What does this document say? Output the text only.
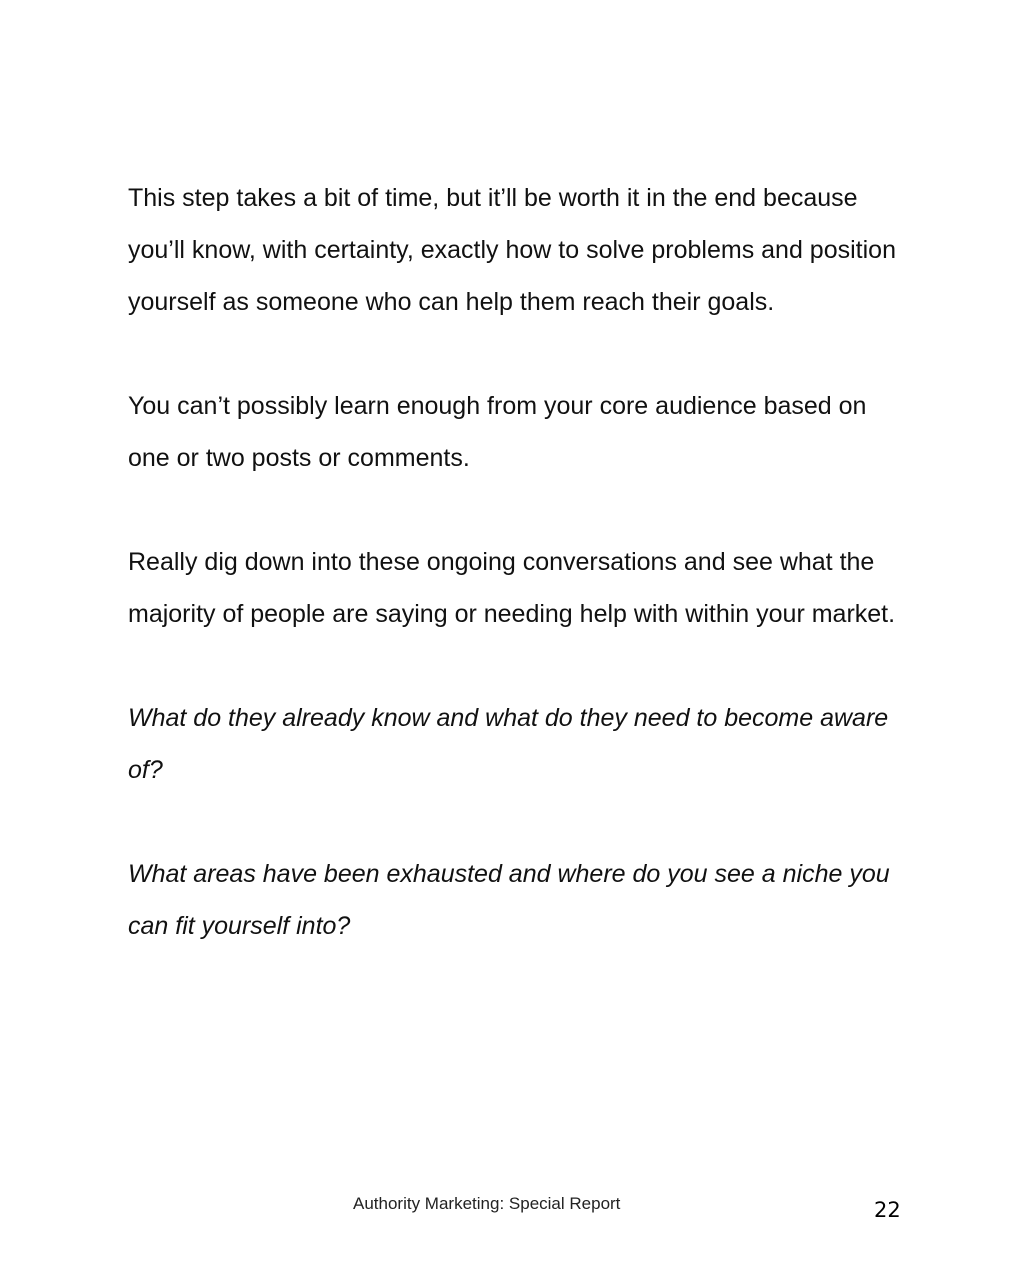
This step takes a bit of time, but it’ll be worth it in the end because you’ll know, with certainty, exactly how to solve problems and position yourself as someone who can help them reach their goals.

You can’t possibly learn enough from your core audience based on one or two posts or comments.

Really dig down into these ongoing conversations and see what the majority of people are saying or needing help with within your market.

What do they already know and what do they need to become aware of?

What areas have been exhausted and where do you see a niche you can fit yourself into?

Authority Marketing: Special Report	22
